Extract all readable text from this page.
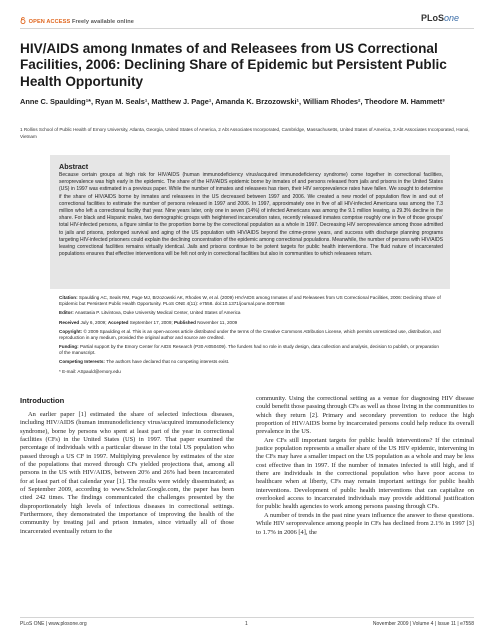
OPEN ACCESS Freely available online	PLoSone
HIV/AIDS among Inmates of and Releasees from US Correctional Facilities, 2006: Declining Share of Epidemic but Persistent Public Health Opportunity
Anne C. Spaulding¹*, Ryan M. Seals¹, Matthew J. Page¹, Amanda K. Brzozowski¹, William Rhodes², Theodore M. Hammett³
1 Rollins School of Public Health of Emory University, Atlanta, Georgia, United States of America, 2 Abt Associates Incorporated, Cambridge, Massachusetts, United States of America, 3 Abt Associates Incorporated, Hanoi, Vietnam
Abstract
Because certain groups at high risk for HIV/AIDS (human immunodeficiency virus/acquired immunodeficiency syndrome) come together in correctional facilities, seroprevalence was high early in the epidemic. The share of the HIV/AIDS epidemic borne by inmates of and persons released from jails and prisons in the United States (US) in 1997 was estimated in a previous paper. While the number of inmates and releasees has risen, their HIV seroprevalence rates have fallen. We sought to determine if the share of HIV/AIDS borne by inmates and releasees in the US decreased between 1997 and 2006. We created a new model of population flow in and out of correctional facilities to estimate the number of persons released in 1997 and 2006. In 1997, approximately one in five of all HIV-infected Americans was among the 7.3 million who left a correctional facility that year. Nine years later, only one in seven (14%) of infected Americans was among the 9.1 million leaving, a 29.3% decline in the share. For black and Hispanic males, two demographic groups with heightened incarceration rates, recently released inmates comprise roughly one in five of those groups' total HIV-infected persons, a figure similar to the proportion borne by the correctional population as a whole in 1997. Decreasing HIV seroprevalence among those admitted to jails and prisons, prolonged survival and aging of the US population with HIV/AIDS beyond the crime-prone years, and success with discharge planning programs targeting HIV-infected prisoners could explain the declining concentration of the epidemic among correctional populations. Meanwhile, the number of persons with HIV/AIDS leaving correctional facilities remains virtually identical. Jails and prisons continue to be potent targets for public health interventions. The fluid nature of incarcerated populations ensures that effective interventions will be felt not only in correctional facilities but also in communities to which releasees return.

Citation: Spaulding AC, Seals RM, Page MJ, Brzozowski AK, Rhodes W, et al. (2009) HIV/AIDS among Inmates of and Releasees from US Correctional Facilities, 2006: Declining Share of Epidemic but Persistent Public Health Opportunity. PLoS ONE 4(11): e7558. doi:10.1371/journal.pone.0007558

Editor: Anastasia P. Litvintova, Duke University Medical Center, United States of America

Received July 6, 2009; Accepted September 17, 2009; Published November 11, 2009

Copyright: © 2009 Spaulding et al. This is an open-access article distributed under the terms of the Creative Commons Attribution License, which permits unrestricted use, distribution, and reproduction in any medium, provided the original author and source are credited.

Funding: Partial support by the Emory Center for AIDS Research (P30 AI050409). The funders had no role in study design, data collection and analysis, decision to publish, or preparation of the manuscript.

Competing Interests: The authors have declared that no competing interests exist.

* E-mail: ASpauld@emory.edu

Introduction

An earlier paper [1] estimated the share of selected infectious diseases, including HIV/AIDS (human immunodeficiency virus/acquired immunodeficiency syndrome), borne by persons who spent at least part of the year in correctional facilities (CFs) in the United States (US) in 1997. That paper examined the percentage of individuals with a particular disease in the total US population who passed through a US CF in 1997. Multiplying prevalence by estimates of the size of the populations that moved through CFs yielded projections that, among all persons in the US with HIV/AIDS, between 20% and 26% had been incarcerated for at least part of that calendar year [1]. The results were widely disseminated; as of September 2009, according to www.Scholar.Google.com, the paper has been cited 242 times. The findings communicated the challenges presented by the disproportionately high levels of infectious diseases in correctional settings. Furthermore, they demonstrated the importance of improving the health of the community by treating jail and prison inmates, since virtually all of those incarcerated eventually return to the

community. Using the correctional setting as a venue for diagnosing HIV disease could benefit those passing through CFs as well as those living in the communities to which they return [2]. Primary and secondary prevention to reduce the high proportion of HIV/AIDS borne by incarcerated persons could help reduce its overall prevalence in the US.

Are CFs still important targets for public health interventions? If the criminal justice population represents a smaller share of the US HIV epidemic, intervening in the CFs may have a smaller impact on the US population as a whole and may be less cost effective than in 1997. If the number of inmates infected is still high, and if there are individuals in the correctional population who have poor access to healthcare when at liberty, CFs may remain important settings for public health interventions. Development of public health interventions that can capitalize on overlooked access to incarcerated individuals may provide additional justification for public health agencies to work among persons passing through CFs.

A number of trends in the past nine years influence the answer to these questions. While HIV seroprevalence among people in CFs has declined from 2.1% in 1997 [3] to 1.7% in 2006 [4], the

PLoS ONE | www.plosone.org	1	November 2009 | Volume 4 | Issue 11 | e7558
